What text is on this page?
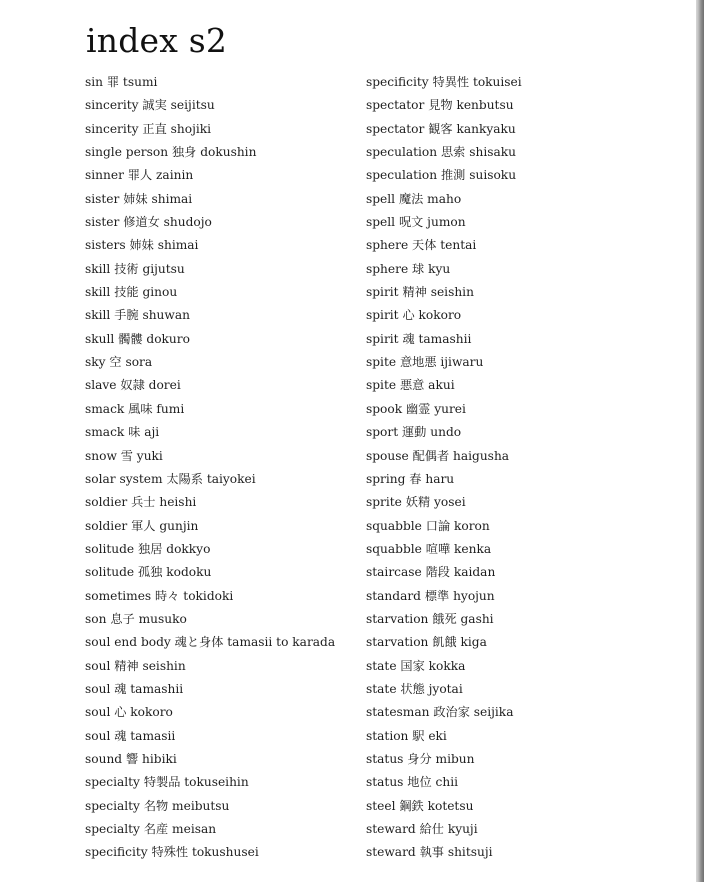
index s2
sin 罪 tsumi
sincerity 誠実 seijitsu
sincerity 正直 shojiki
single person 独身 dokushin
sinner 罪人 zainin
sister 姉妹 shimai
sister 修道女 shudojo
sisters 姉妹 shimai
skill 技術 gijutsu
skill 技能 ginou
skill 手腕 shuwan
skull 髑髏 dokuro
sky 空 sora
slave 奴隷 dorei
smack 風味 fumi
smack 味 aji
snow 雪 yuki
solar system 太陽系 taiyokei
soldier 兵士 heishi
soldier 軍人 gunjin
solitude 独居 dokkyo
solitude 孤独 kodoku
sometimes 時々 tokidoki
son 息子 musuko
soul end body 魂と身体 tamasii to karada
soul 精神 seishin
soul 魂 tamashii
soul 心 kokoro
soul 魂 tamasii
sound 響 hibiki
specialty 特製品 tokuseihin
specialty 名物 meibutsu
specialty 名産 meisan
specificity 特殊性 tokushusei
specificity 特異性 tokuisei
spectator 見物 kenbutsu
spectator 観客 kankyaku
speculation 思索 shisaku
speculation 推測 suisoku
spell 魔法 maho
spell 呪文 jumon
sphere 天体 tentai
sphere 球 kyu
spirit 精神 seishin
spirit 心 kokoro
spirit 魂 tamashii
spite 意地悪 ijiwaru
spite 悪意 akui
spook 幽霊 yurei
sport 運動 undo
spouse 配偶者 haigusha
spring 春 haru
sprite 妖精 yosei
squabble 口論 koron
squabble 喧嘩 kenka
staircase 階段 kaidan
standard 標準 hyojun
starvation 餓死 gashi
starvation 飢餓 kiga
state 国家 kokka
state 状態 jyotai
statesman 政治家 seijika
station 駅 eki
status 身分 mibun
status 地位 chii
steel 鋼鉄 kotetsu
steward 給仕 kyuji
steward 執事 shitsuji
